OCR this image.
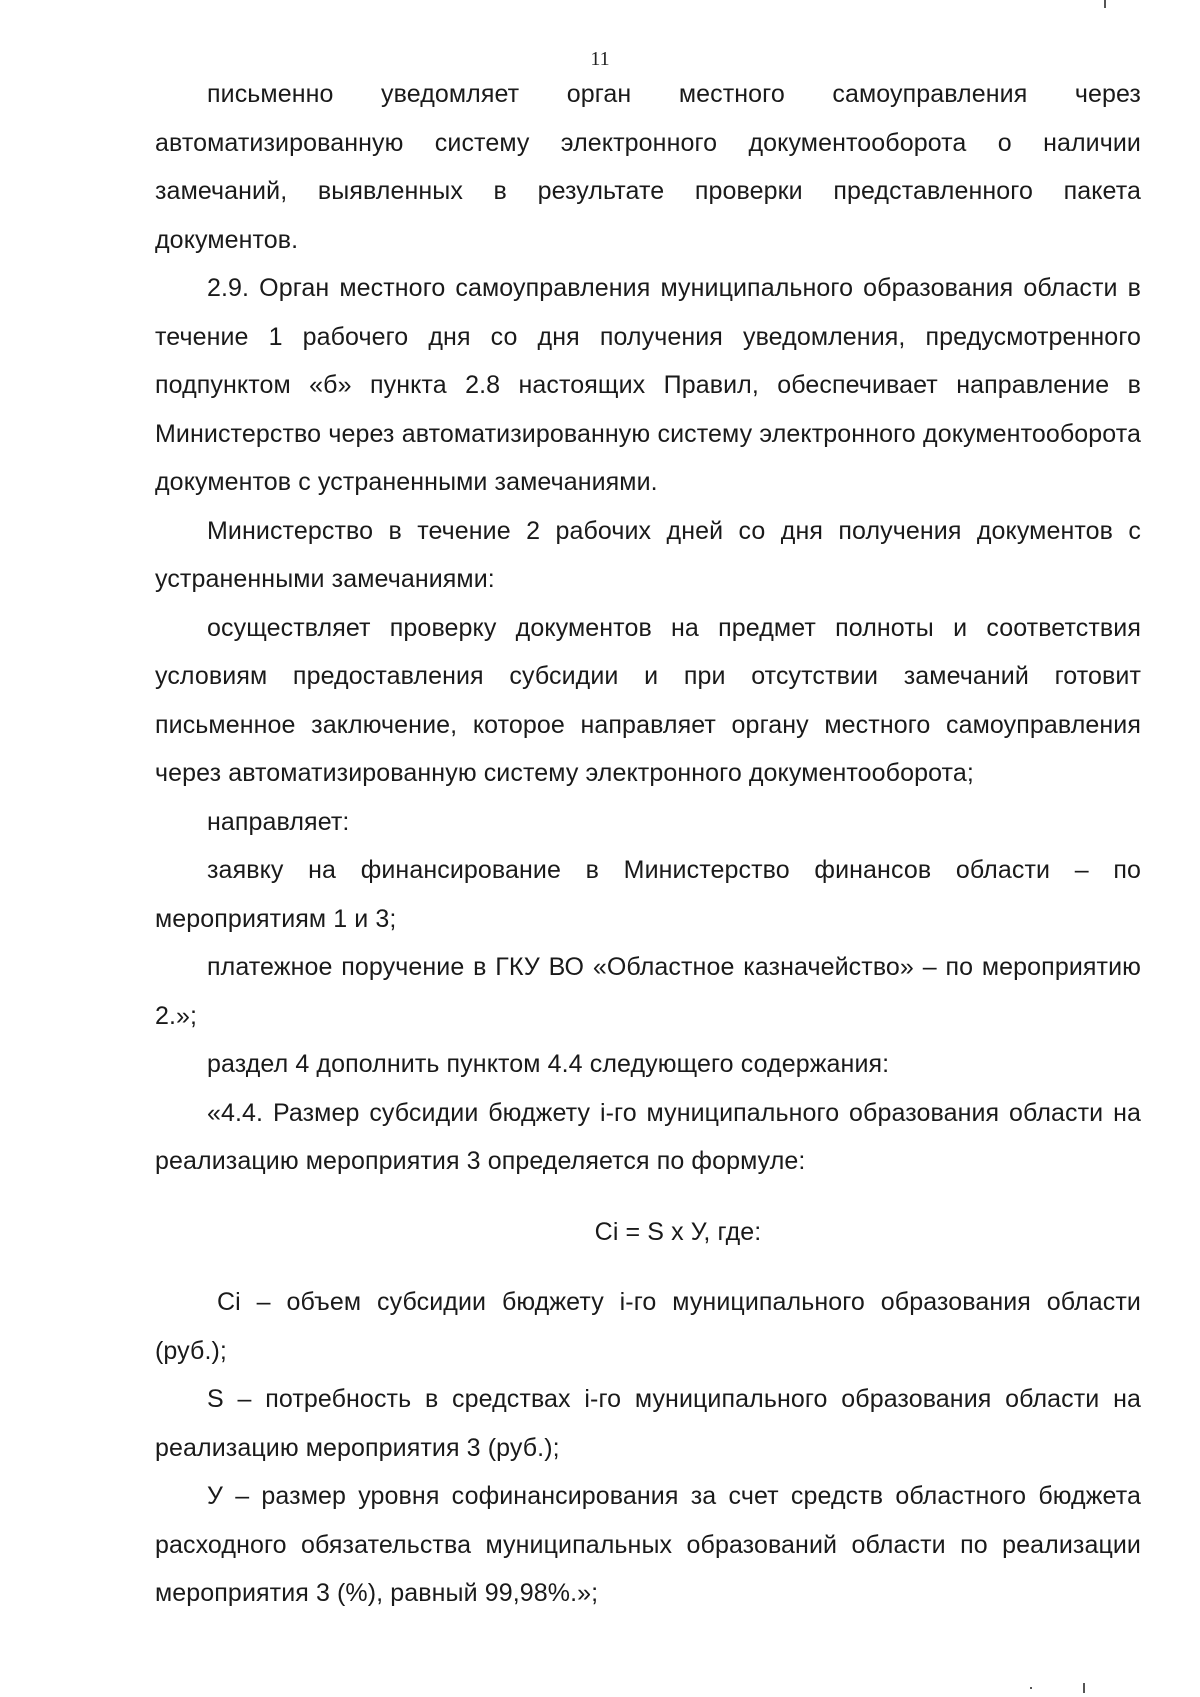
11

письменно уведомляет орган местного самоуправления через автоматизированную систему электронного документооборота о наличии замечаний, выявленных в результате проверки представленного пакета документов.

2.9. Орган местного самоуправления муниципального образования области в течение 1 рабочего дня со дня получения уведомления, предусмотренного подпунктом «б» пункта 2.8 настоящих Правил, обеспечивает направление в Министерство через автоматизированную систему электронного документооборота документов с устраненными замечаниями.

Министерство в течение 2 рабочих дней со дня получения документов с устраненными замечаниями:

осуществляет проверку документов на предмет полноты и соответствия условиям предоставления субсидии и при отсутствии замечаний готовит письменное заключение, которое направляет органу местного самоуправления через автоматизированную систему электронного документооборота;

направляет:

заявку на финансирование в Министерство финансов области – по мероприятиям 1 и 3;

платежное поручение в ГКУ ВО «Областное казначейство» – по мероприятию 2.»;

раздел 4 дополнить пунктом 4.4 следующего содержания:

«4.4. Размер субсидии бюджету i-го муниципального образования области на реализацию мероприятия 3 определяется по формуле:

Ci = S x У, где:

Ci – объем субсидии бюджету i-го муниципального образования области (руб.);

S – потребность в средствах i-го муниципального образования области на реализацию мероприятия 3 (руб.);

У – размер уровня софинансирования за счет средств областного бюджета расходного обязательства муниципальных образований области по реализации мероприятия 3 (%), равный 99,98%.»;
